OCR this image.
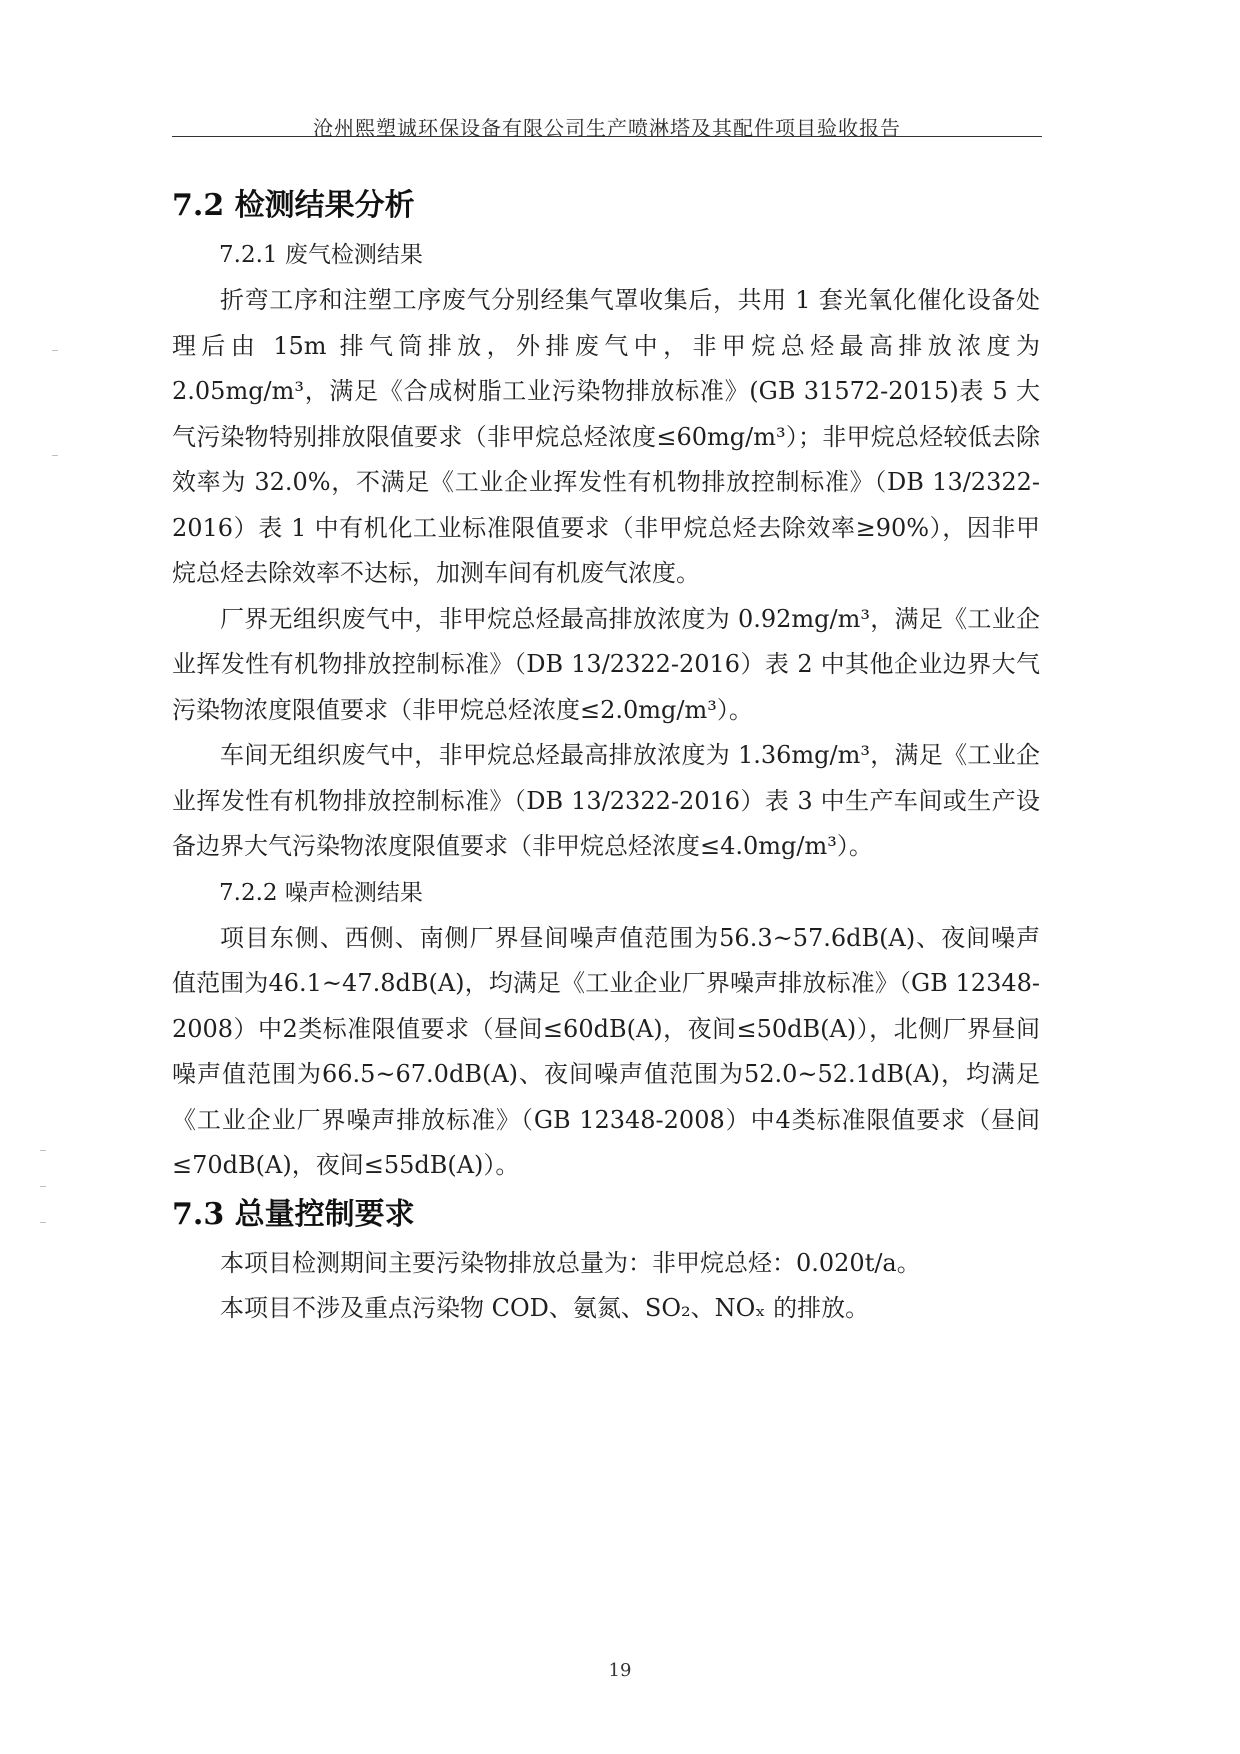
沧州熙塑诚环保设备有限公司生产喷淋塔及其配件项目验收报告
7.2 检测结果分析
7.2.1 废气检测结果

折弯工序和注塑工序废气分别经集气罩收集后，共用 1 套光氧化催化设备处理后由 15m 排气筒排放，外排废气中，非甲烷总烃最高排放浓度为 2.05mg/m³，满足《合成树脂工业污染物排放标准》(GB 31572-2015)表 5 大气污染物特别排放限值要求（非甲烷总烃浓度≤60mg/m³）；非甲烷总烃较低去除效率为 32.0%，不满足《工业企业挥发性有机物排放控制标准》（DB 13/2322-2016）表 1 中有机化工业标准限值要求（非甲烷总烃去除效率≥90%），因非甲烷总烃去除效率不达标，加测车间有机废气浓度。

厂界无组织废气中，非甲烷总烃最高排放浓度为 0.92mg/m³，满足《工业企业挥发性有机物排放控制标准》（DB 13/2322-2016）表 2 中其他企业边界大气污染物浓度限值要求（非甲烷总烃浓度≤2.0mg/m³）。

车间无组织废气中，非甲烷总烃最高排放浓度为 1.36mg/m³，满足《工业企业挥发性有机物排放控制标准》（DB 13/2322-2016）表 3 中生产车间或生产设备边界大气污染物浓度限值要求（非甲烷总烃浓度≤4.0mg/m³）。

7.2.2 噪声检测结果

项目东侧、西侧、南侧厂界昼间噪声值范围为56.3~57.6dB(A)、夜间噪声值范围为46.1~47.8dB(A)，均满足《工业企业厂界噪声排放标准》（GB 12348-2008）中2类标准限值要求（昼间≤60dB(A)，夜间≤50dB(A)），北侧厂界昼间噪声值范围为66.5~67.0dB(A)、夜间噪声值范围为52.0~52.1dB(A)，均满足《工业企业厂界噪声排放标准》（GB 12348-2008）中4类标准限值要求（昼间≤70dB(A)，夜间≤55dB(A)）。

7.3 总量控制要求

本项目检测期间主要污染物排放总量为：非甲烷总烃：0.020t/a。

本项目不涉及重点污染物 COD、氨氮、SO₂、NOₓ 的排放。

19
